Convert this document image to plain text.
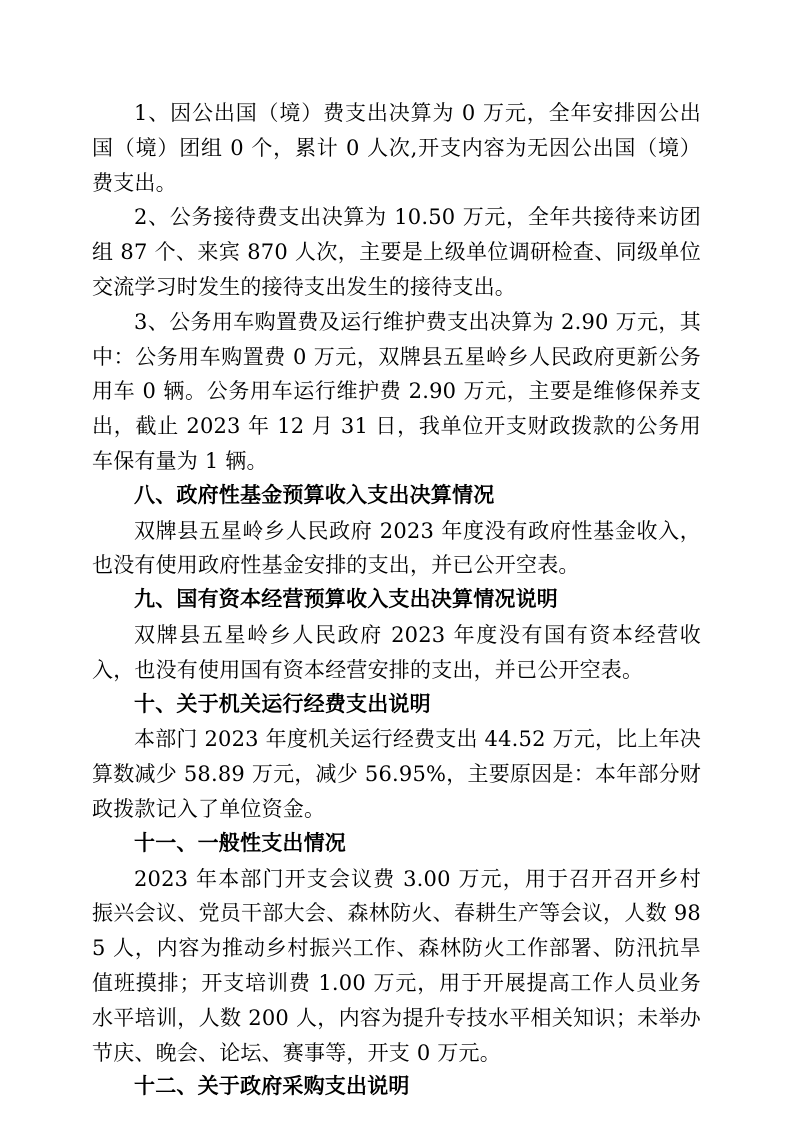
1、因公出国（境）费支出决算为 0 万元，全年安排因公出国（境）团组 0 个，累计 0 人次,开支内容为无因公出国（境）费支出。

2、公务接待费支出决算为 10.50 万元，全年共接待来访团组 87 个、来宾 870 人次，主要是上级单位调研检查、同级单位交流学习时发生的接待支出发生的接待支出。

3、公务用车购置费及运行维护费支出决算为 2.90 万元，其中：公务用车购置费 0 万元，双牌县五星岭乡人民政府更新公务用车 0 辆。公务用车运行维护费 2.90 万元，主要是维修保养支出，截止 2023 年 12 月 31 日，我单位开支财政拨款的公务用车保有量为 1 辆。

八、政府性基金预算收入支出决算情况

双牌县五星岭乡人民政府 2023 年度没有政府性基金收入，也没有使用政府性基金安排的支出，并已公开空表。

九、国有资本经营预算收入支出决算情况说明

双牌县五星岭乡人民政府 2023 年度没有国有资本经营收入，也没有使用国有资本经营安排的支出，并已公开空表。

十、关于机关运行经费支出说明

本部门 2023 年度机关运行经费支出 44.52 万元，比上年决算数减少 58.89 万元，减少 56.95%，主要原因是：本年部分财政拨款记入了单位资金。

十一、一般性支出情况

2023 年本部门开支会议费 3.00 万元，用于召开召开乡村振兴会议、党员干部大会、森林防火、春耕生产等会议，人数 985 人，内容为推动乡村振兴工作、森林防火工作部署、防汛抗旱值班摸排；开支培训费 1.00 万元，用于开展提高工作人员业务水平培训，人数 200 人，内容为提升专技水平相关知识；未举办节庆、晚会、论坛、赛事等，开支 0 万元。

十二、关于政府采购支出说明
